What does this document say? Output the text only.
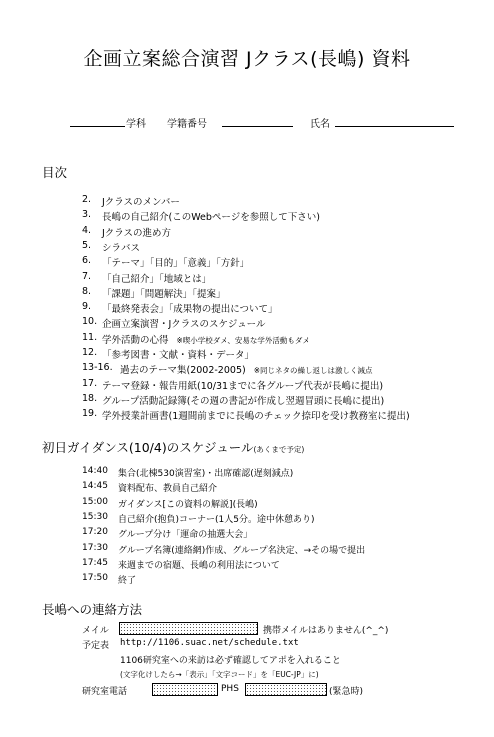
企画立案総合演習 Jクラス(長嶋) 資料
学科 学籍番号	氏名
目次
2. Jクラスのメンバー
3. 長嶋の自己紹介(このWebページを参照して下さい)
4. Jクラスの進め方
5. シラバス
6. 「テーマ」「目的」「意義」「方針」
7. 「自己紹介」「地域とは」
8. 「課題」「問題解決」「提案」
9. 「最終発表会」「成果物の提出について」
10. 企画立案演習・Jクラスのスケジュール
11. 学外活動の心得 ※喫小学校ダメ、安易な学外活動もダメ
12. 「参考図書・文献・資料・データ」
13-16. 過去のテーマ集(2002-2005) ※同じネタの繰し返しは激しく減点
17. テーマ登録・報告用紙(10/31までに各グループ代表が長嶋に提出)
18. グループ活動記録簿(その週の書記が作成し翌週冒頭に長嶋に提出)
19. 学外授業計画書(1週間前までに長嶋のチェック捺印を受け教務室に提出)
初日ガイダンス(10/4)のスケジュール(あくまで予定)
14:40 集合(北棟530演習室)・出席確認(遅刻減点)
14:45 資料配布、教員自己紹介
15:00 ガイダンス[この資料の解説](長嶋)
15:30 自己紹介(抱負)コーナー(1人5分。途中休憩あり)
17:20 グループ分け「運命の抽選大会」
17:30 グループ名簿(連絡網)作成、グループ名決定、→その場で提出
17:45 来週までの宿題、長嶋の利用法について
17:50 終了
長嶋への連絡方法
メイル	携帯メイルはありません(^_^)
予定表 http://1106.suac.net/schedule.txt
1106研究室への来訪は必ず確認してアポを入れること
(文字化けしたら→「表示」「文字コード」を「EUC-JP」に)
研究室電話	PHS	(緊急時)
